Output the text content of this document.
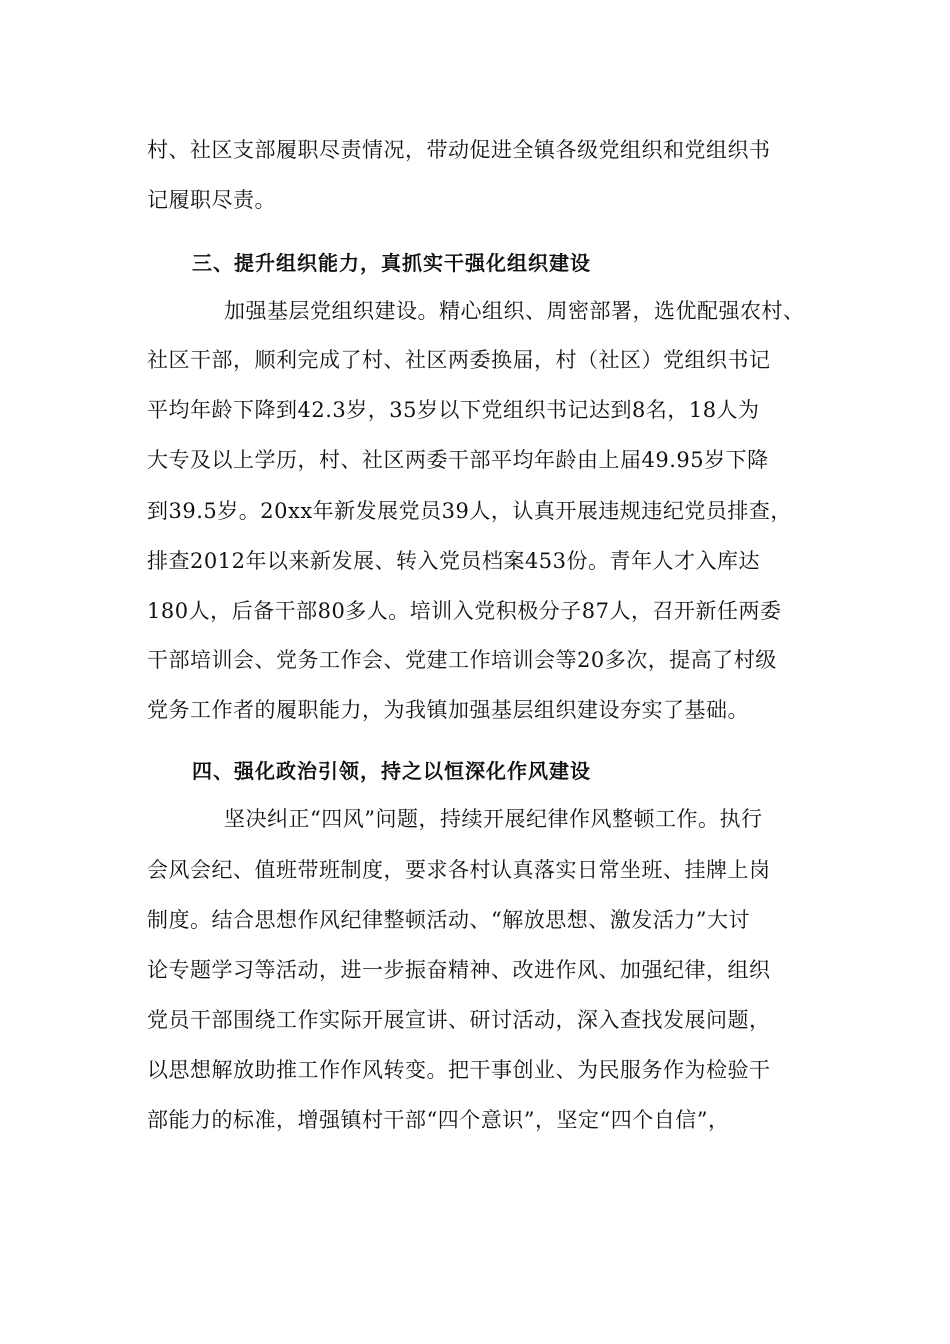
村、社区支部履职尽责情况，带动促进全镇各级党组织和党组织书
记履职尽责。
三、提升组织能力，真抓实干强化组织建设
加强基层党组织建设。精心组织、周密部署，选优配强农村、
社区干部，顺利完成了村、社区两委换届，村（社区）党组织书记
平均年龄下降到42.3岁，35岁以下党组织书记达到8名，18人为
大专及以上学历，村、社区两委干部平均年龄由上届49.95岁下降
到39.5岁。20xx年新发展党员39人，认真开展违规违纪党员排查，
排查2012年以来新发展、转入党员档案453份。青年人才入库达
180人，后备干部80多人。培训入党积极分子87人，召开新任两委
干部培训会、党务工作会、党建工作培训会等20多次，提高了村级
党务工作者的履职能力，为我镇加强基层组织建设夯实了基础。
四、强化政治引领，持之以恒深化作风建设
坚决纠正“四风”问题，持续开展纪律作风整顿工作。执行
会风会纪、值班带班制度，要求各村认真落实日常坐班、挂牌上岗
制度。结合思想作风纪律整顿活动、“解放思想、激发活力”大讨
论专题学习等活动，进一步振奋精神、改进作风、加强纪律，组织
党员干部围绕工作实际开展宣讲、研讨活动，深入查找发展问题，
以思想解放助推工作作风转变。把干事创业、为民服务作为检验干
部能力的标准，增强镇村干部“四个意识”，坚定“四个自信”，
